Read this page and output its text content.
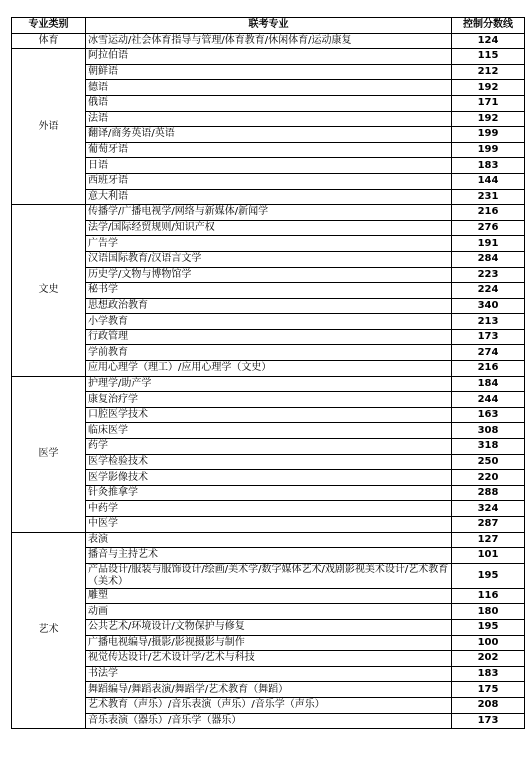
专业类别	联考专业	控制分数线
体育	冰雪运动/社会体育指导与管理/体育教育/休闲体育/运动康复	124
外语	阿拉伯语	115
	朝鲜语	212
	德语	192
	俄语	171
	法语	192
	翻译/商务英语/英语	199
	葡萄牙语	199
	日语	183
	西班牙语	144
	意大利语	231
文史	传播学/广播电视学/网络与新媒体/新闻学	216
	法学/国际经贸规则/知识产权	276
	广告学	191
	汉语国际教育/汉语言文学	284
	历史学/文物与博物馆学	223
	秘书学	224
	思想政治教育	340
	小学教育	213
	行政管理	173
	学前教育	274
	应用心理学（理工）/应用心理学（文史）	216
医学	护理学/助产学	184
	康复治疗学	244
	口腔医学技术	163
	临床医学	308
	药学	318
	医学检验技术	250
	医学影像技术	220
	针灸推拿学	288
	中药学	324
	中医学	287
艺术	表演	127
	播音与主持艺术	101
	产品设计/服装与服饰设计/绘画/美术学/数字媒体艺术/戏剧影视美术设计/艺术教育（美术）	195
	雕塑	116
	动画	180
	公共艺术/环境设计/文物保护与修复	195
	广播电视编导/摄影/影视摄影与制作	100
	视觉传达设计/艺术设计学/艺术与科技	202
	书法学	183
	舞蹈编导/舞蹈表演/舞蹈学/艺术教育（舞蹈）	175
	艺术教育（声乐）/音乐表演（声乐）/音乐学（声乐）	208
	音乐表演（器乐）/音乐学（器乐）	173
